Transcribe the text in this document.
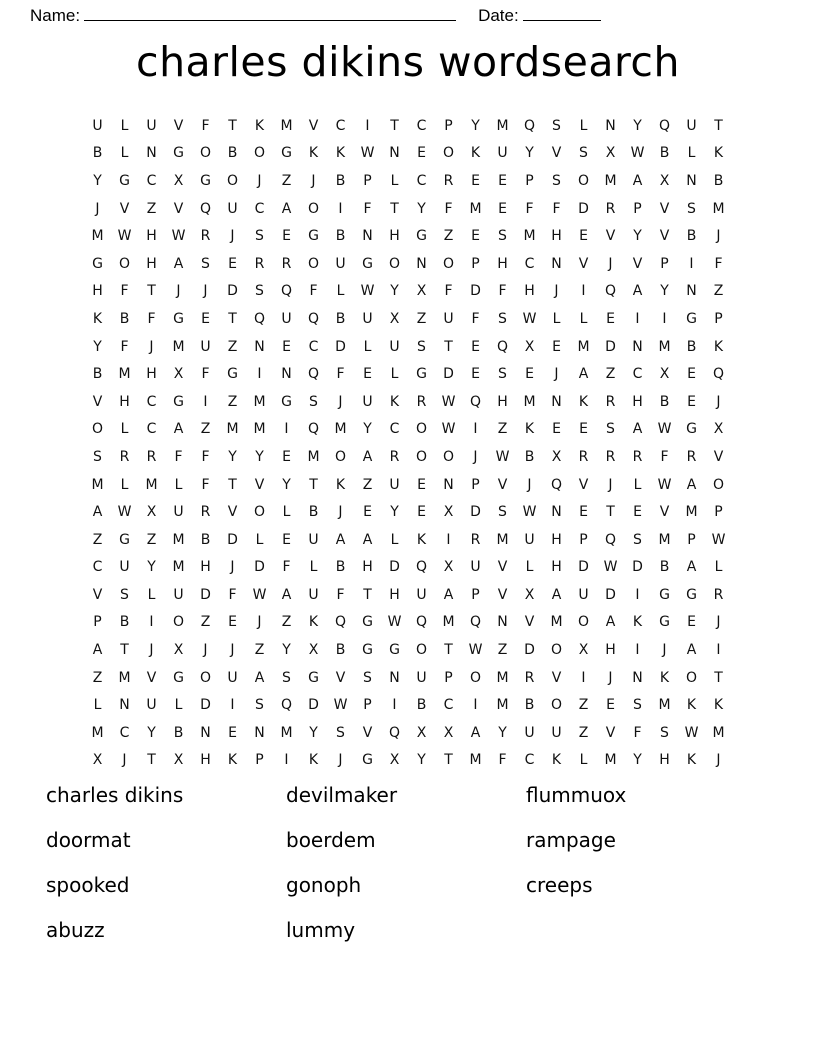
Name:	Date:
charles dikins wordsearch
U	L	U	V	F	T	K	M	V	C	I	T	C	P	Y	M	Q	S	L	N	Y	Q	U	T
B	L	N	G	O	B	O	G	K	K	W	N	E	O	K	U	Y	V	S	X	W	B	L	K
Y	G	C	X	G	O	J	Z	J	B	P	L	C	R	E	E	P	S	O	M	A	X	N	B
J	V	Z	V	Q	U	C	A	O	I	F	T	Y	F	M	E	F	F	D	R	P	V	S	M
M	W	H	W	R	J	S	E	G	B	N	H	G	Z	E	S	M	H	E	V	Y	V	B	J
G	O	H	A	S	E	R	R	O	U	G	O	N	O	P	H	C	N	V	J	V	P	I	F
H	F	T	J	J	D	S	Q	F	L	W	Y	X	F	D	F	H	J	I	Q	A	Y	N	Z
K	B	F	G	E	T	Q	U	Q	B	U	X	Z	U	F	S	W	L	L	E	I	I	G	P
Y	F	J	M	U	Z	N	E	C	D	L	U	S	T	E	Q	X	E	M	D	N	M	B	K
B	M	H	X	F	G	I	N	Q	F	E	L	G	D	E	S	E	J	A	Z	C	X	E	Q
V	H	C	G	I	Z	M	G	S	J	U	K	R	W	Q	H	M	N	K	R	H	B	E	J
O	L	C	A	Z	M	M	I	Q	M	Y	C	O	W	I	Z	K	E	E	S	A	W	G	X
S	R	R	F	F	Y	Y	E	M	O	A	R	O	O	J	W	B	X	R	R	R	F	R	V
M	L	M	L	F	T	V	Y	T	K	Z	U	E	N	P	V	J	Q	V	J	L	W	A	O
A	W	X	U	R	V	O	L	B	J	E	Y	E	X	D	S	W	N	E	T	E	V	M	P
Z	G	Z	M	B	D	L	E	U	A	A	L	K	I	R	M	U	H	P	Q	S	M	P	W
C	U	Y	M	H	J	D	F	L	B	H	D	Q	X	U	V	L	H	D	W	D	B	A	L
V	S	L	U	D	F	W	A	U	F	T	H	U	A	P	V	X	A	U	D	I	G	G	R
P	B	I	O	Z	E	J	Z	K	Q	G	W	Q	M	Q	N	V	M	O	A	K	G	E	J
A	T	J	X	J	J	Z	Y	X	B	G	G	O	T	W	Z	D	O	X	H	I	J	A	I
Z	M	V	G	O	U	A	S	G	V	S	N	U	P	O	M	R	V	I	J	N	K	O	T
L	N	U	L	D	I	S	Q	D	W	P	I	B	C	I	M	B	O	Z	E	S	M	K	K
M	C	Y	B	N	E	N	M	Y	S	V	Q	X	X	A	Y	U	U	Z	V	F	S	W	M
X	J	T	X	H	K	P	I	K	J	G	X	Y	T	M	F	C	K	L	M	Y	H	K	J
charles dikins	devilmaker	flummuox
doormat	boerdem	rampage
spooked	gonoph	creeps
abuzz	lummy
